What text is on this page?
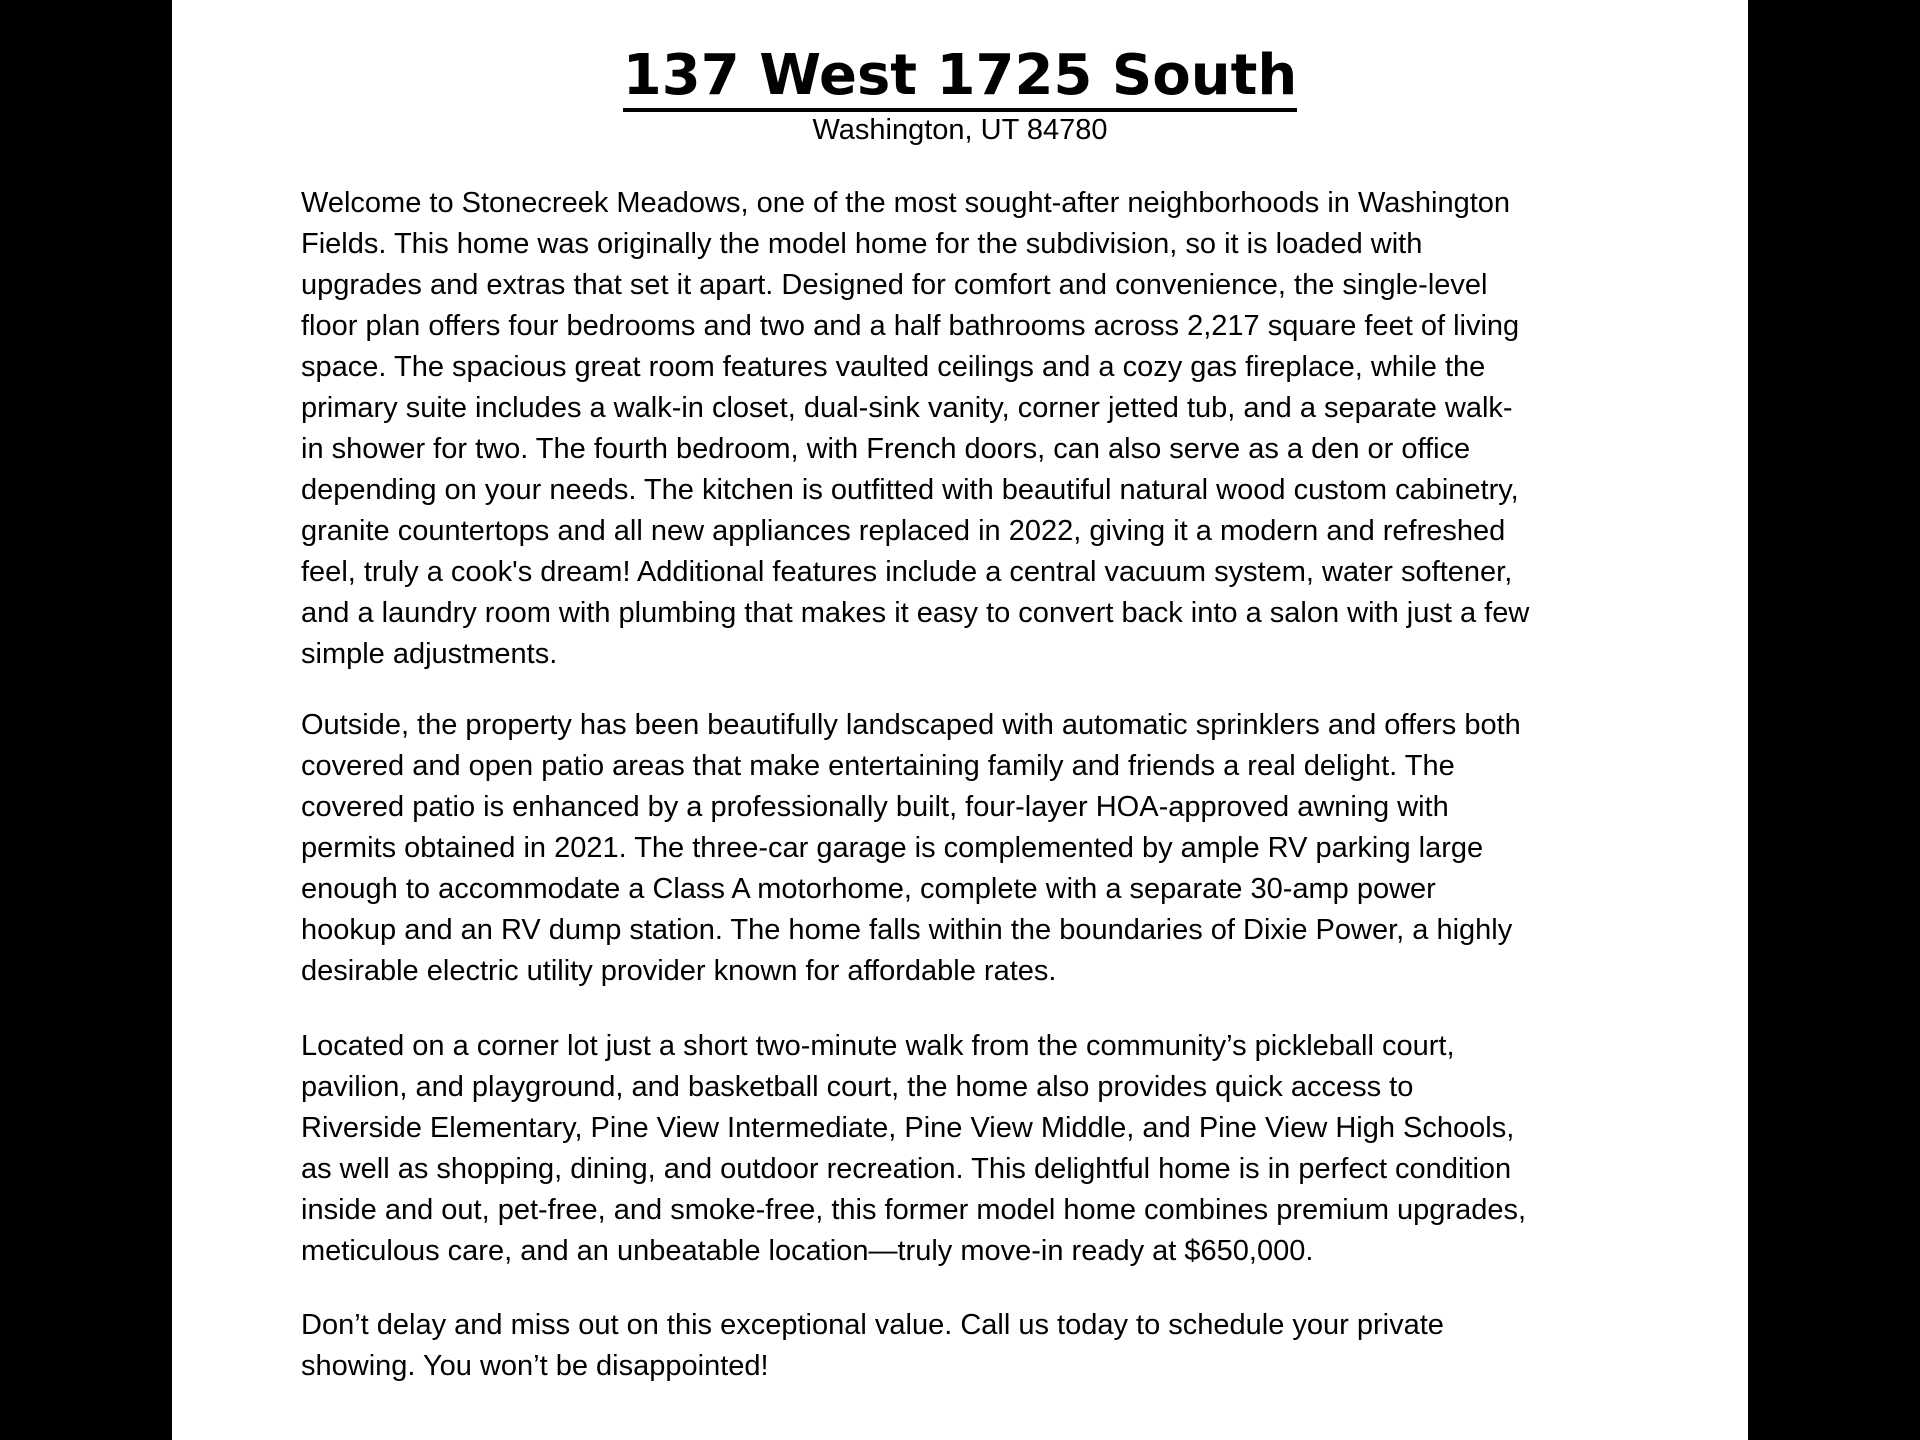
137 West 1725 South

Washington, UT 84780

Welcome to Stonecreek Meadows, one of the most sought-after neighborhoods in Washington
Fields. This home was originally the model home for the subdivision, so it is loaded with
upgrades and extras that set it apart. Designed for comfort and convenience, the single-level
floor plan offers four bedrooms and two and a half bathrooms across 2,217 square feet of living
space. The spacious great room features vaulted ceilings and a cozy gas fireplace, while the
primary suite includes a walk-in closet, dual-sink vanity, corner jetted tub, and a separate walk-
in shower for two. The fourth bedroom, with French doors, can also serve as a den or office
depending on your needs. The kitchen is outfitted with beautiful natural wood custom cabinetry,
granite countertops and all new appliances replaced in 2022, giving it a modern and refreshed
feel, truly a cook's dream! Additional features include a central vacuum system, water softener,
and a laundry room with plumbing that makes it easy to convert back into a salon with just a few
simple adjustments.
Outside, the property has been beautifully landscaped with automatic sprinklers and offers both
covered and open patio areas that make entertaining family and friends a real delight. The
covered patio is enhanced by a professionally built, four-layer HOA-approved awning with
permits obtained in 2021. The three-car garage is complemented by ample RV parking large
enough to accommodate a Class A motorhome, complete with a separate 30-amp power
hookup and an RV dump station. The home falls within the boundaries of Dixie Power, a highly
desirable electric utility provider known for affordable rates.
Located on a corner lot just a short two-minute walk from the community’s pickleball court,
pavilion, and playground, and basketball court, the home also provides quick access to
Riverside Elementary, Pine View Intermediate, Pine View Middle, and Pine View High Schools,
as well as shopping, dining, and outdoor recreation. This delightful home is in perfect condition
inside and out, pet-free, and smoke-free, this former model home combines premium upgrades,
meticulous care, and an unbeatable location—truly move-in ready at $650,000.
Don’t delay and miss out on this exceptional value. Call us today to schedule your private
showing. You won’t be disappointed!
